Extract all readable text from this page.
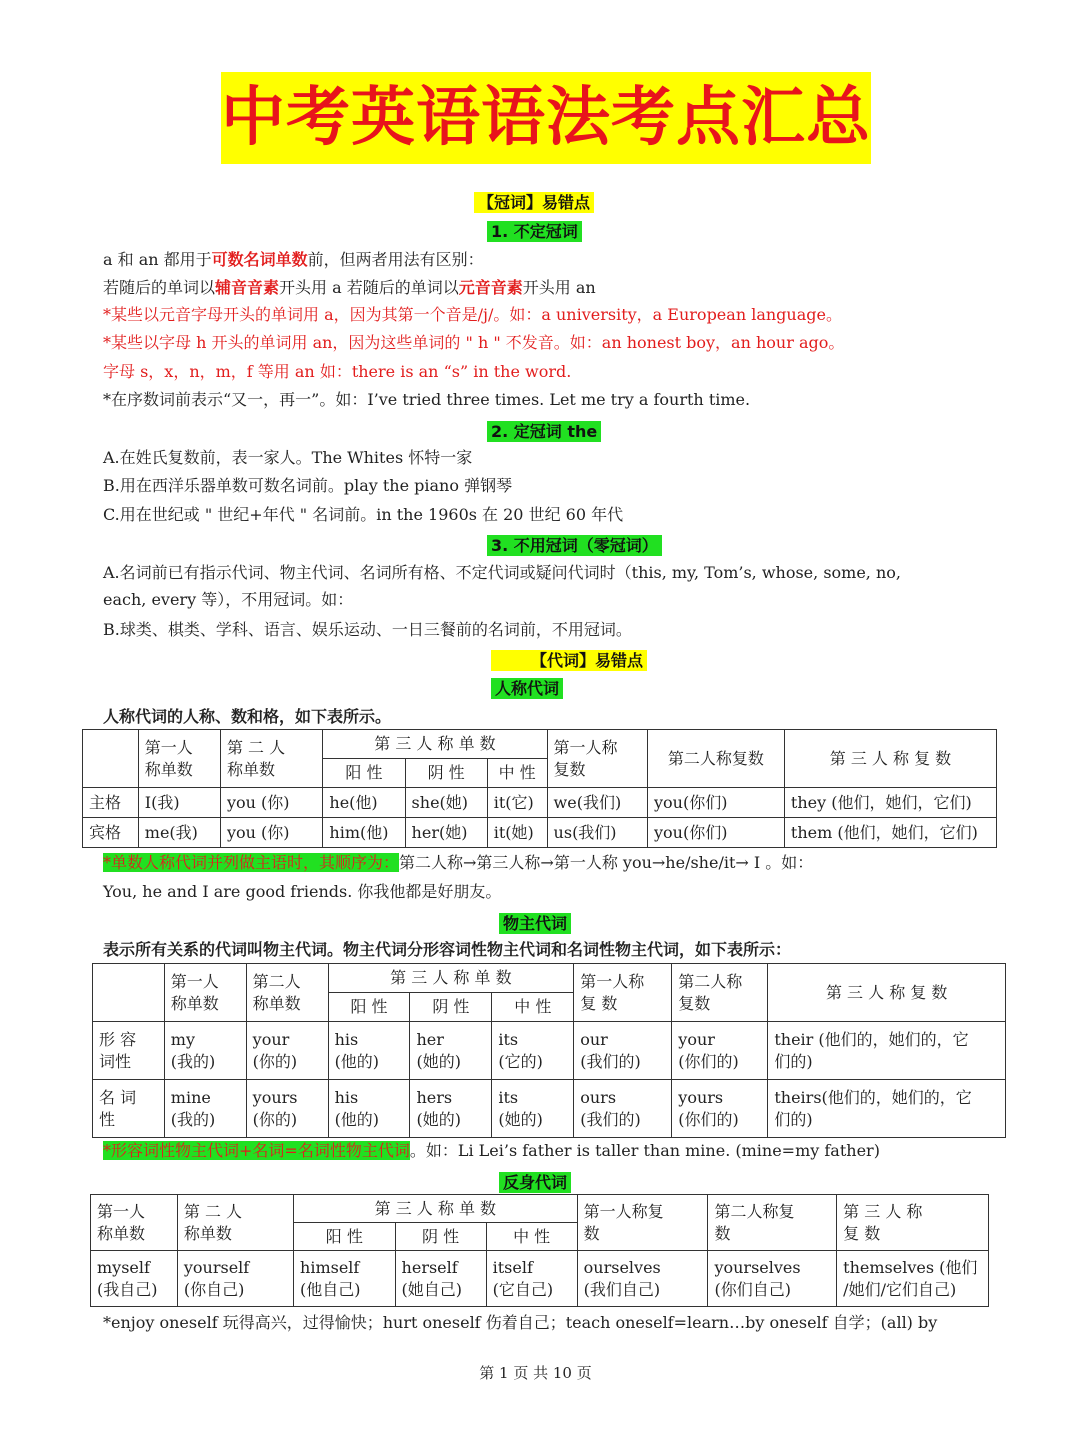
中考英语语法考点汇总
【冠词】易错点
1. 不定冠词
a 和 an 都用于可数名词单数前，但两者用法有区别：
若随后的单词以辅音音素开头用 a 若随后的单词以元音音素开头用 an
*某些以元音字母开头的单词用 a，因为其第一个音是/j/。如：a university，a European language。
*某些以字母 h 开头的单词用 an，因为这些单词的 " h " 不发音。如：an honest boy，an hour ago。
字母 s，x，n，m，f 等用 an 如：there is an “s” in the word.
*在序数词前表示“又一，再一”。如：I’ve tried three times. Let me try a fourth time.
2. 定冠词 the
A.在姓氏复数前，表一家人。The Whites 怀特一家
B.用在西洋乐器单数可数名词前。play the piano 弹钢琴
C.用在世纪或 " 世纪+年代 " 名词前。in the 1960s 在 20 世纪 60 年代
3. 不用冠词（零冠词）
A.名词前已有指示代词、物主代词、名词所有格、不定代词或疑问代词时（this, my, Tom’s, whose, some, no,
each, every 等），不用冠词。如：
B.球类、棋类、学科、语言、娱乐运动、一日三餐前的名词前，不用冠词。
【代词】易错点
人称代词
人称代词的人称、数和格，如下表所示。
	第一人
称单数	第 二 人
称单数	第 三 人 称 单 数			第一人称
复数	第二人称复数	第 三 人 称 复 数
			阳 性	阴 性	中 性			
主格	I(我)	you (你)	he(他)	she(她)	it(它)	we(我们)	you(你们)	they (他们，她们，它们)
宾格	me(我)	you (你)	him(他)	her(她)	it(她)	us(我们)	you(你们)	them (他们，她们，它们)
*单数人称代词并列做主语时，其顺序为：第二人称→第三人称→第一人称 you→he/she/it→ I 。如：
You, he and I are good friends. 你我他都是好朋友。
物主代词
表示所有关系的代词叫物主代词。物主代词分形容词性物主代词和名词性物主代词，如下表所示：
	第一人
称单数	第二人
称单数	第 三 人 称 单 数			第一人称
复 数	第二人称
复数	第 三 人 称 复 数
			阳 性	阴 性	中 性			
形 容
词性	my
(我的)	your
(你的)	his
(他的)	her
(她的)	its
(它的)	our
(我们的)	your
(你们的)	their (他们的，她们的，它
们的)
名 词
性	mine
(我的)	yours
(你的)	his
(他的)	hers
(她的)	its
(她的)	ours
(我们的)	yours
(你们的)	theirs(他们的，她们的，它
们的)
*形容词性物主代词+名词=名词性物主代词。如：Li Lei’s father is taller than mine. (mine=my father)
反身代词
第一人
称单数	第 二 人
称单数	第 三 人 称 单 数			第一人称复
数	第二人称复
数	第 三 人 称
复 数
		阳 性	阴 性	中 性			
myself
(我自己)	yourself
(你自己)	himself
(他自己)	herself
(她自己)	itself
(它自己)	ourselves
(我们自己)	yourselves
(你们自己)	themselves (他们
/她们/它们自己)
*enjoy oneself 玩得高兴，过得愉快；hurt oneself 伤着自己；teach oneself=learn…by oneself 自学；(all) by
第 1 页 共 10 页
